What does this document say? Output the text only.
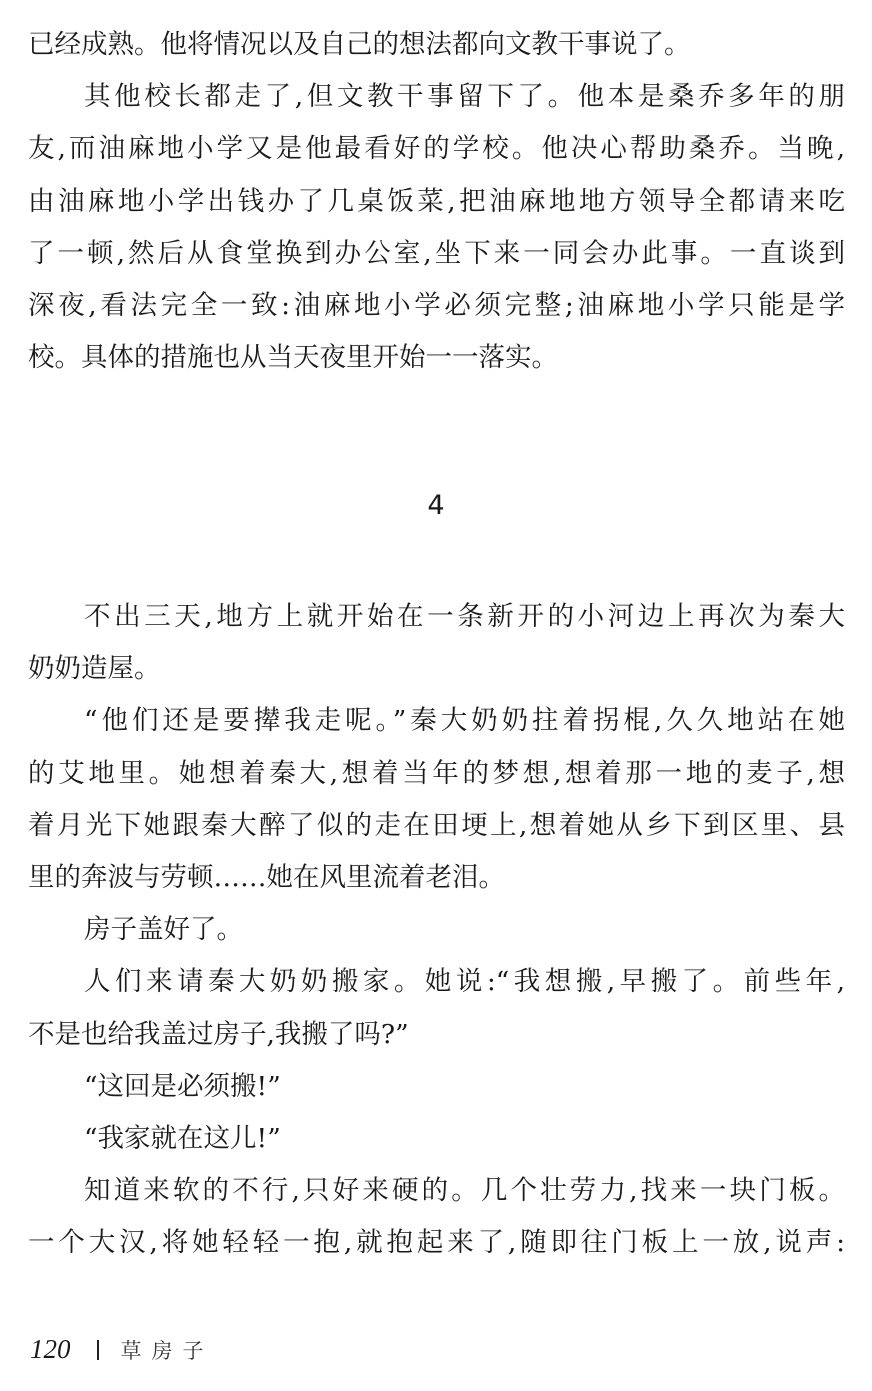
已经成熟。他将情况以及自己的想法都向文教干事说了。
其他校长都走了,但文教干事留下了。他本是桑乔多年的朋
友,而油麻地小学又是他最看好的学校。他决心帮助桑乔。当晚,
由油麻地小学出钱办了几桌饭菜,把油麻地地方领导全都请来吃
了一顿,然后从食堂换到办公室,坐下来一同会办此事。一直谈到
深夜,看法完全一致:油麻地小学必须完整;油麻地小学只能是学
校。具体的措施也从当天夜里开始一一落实。
4
不出三天,地方上就开始在一条新开的小河边上再次为秦大
奶奶造屋。
“他们还是要撵我走呢。”秦大奶奶拄着拐棍,久久地站在她
的艾地里。她想着秦大,想着当年的梦想,想着那一地的麦子,想
着月光下她跟秦大醉了似的走在田埂上,想着她从乡下到区里、县
里的奔波与劳顿……她在风里流着老泪。
房子盖好了。
人们来请秦大奶奶搬家。她说:“我想搬,早搬了。前些年,
不是也给我盖过房子,我搬了吗?”
“这回是必须搬!”
“我家就在这儿!”
知道来软的不行,只好来硬的。几个壮劳力,找来一块门板。
一个大汉,将她轻轻一抱,就抱起来了,随即往门板上一放,说声:
120 草房子
